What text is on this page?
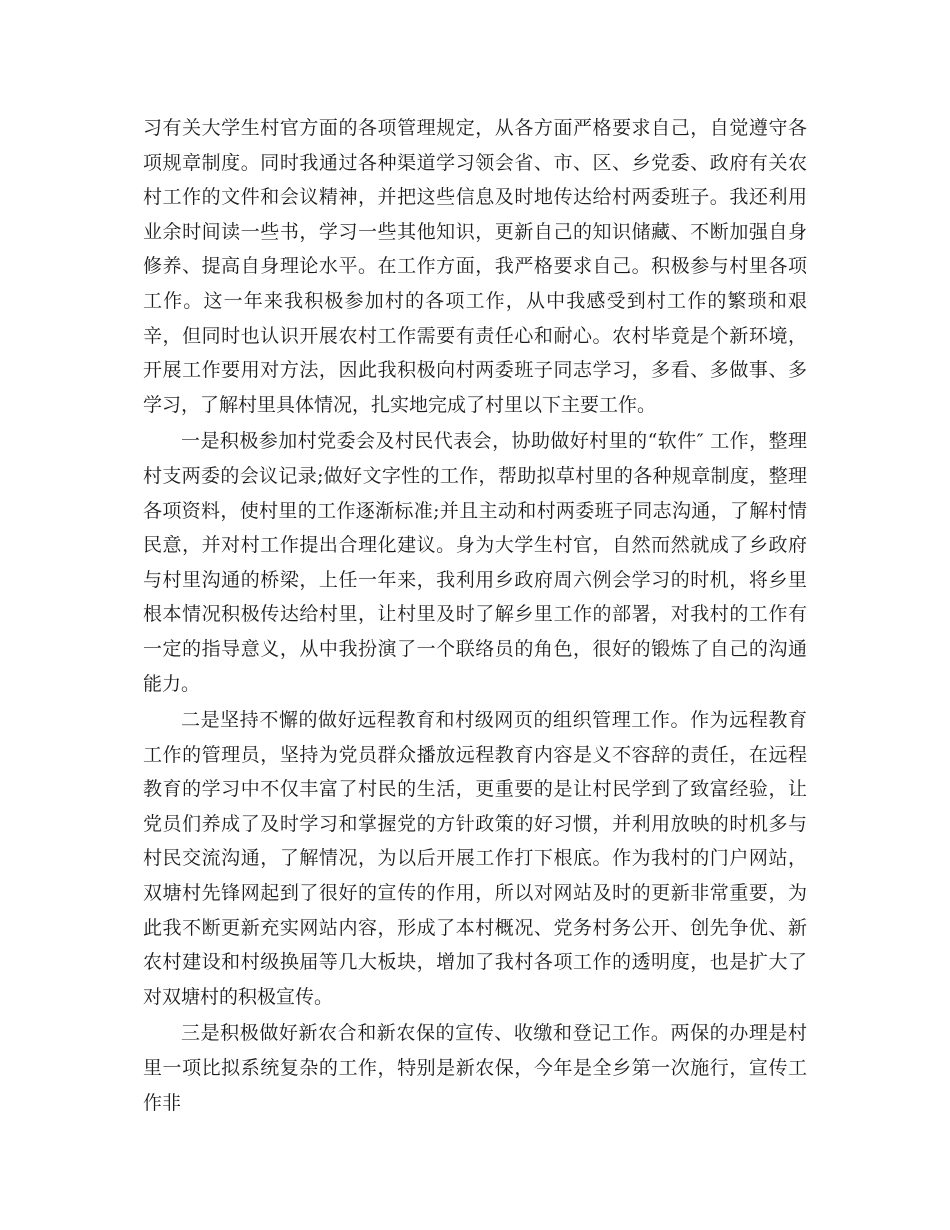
习有关大学生村官方面的各项管理规定，从各方面严格要求自己，自觉遵守各项规章制度。同时我通过各种渠道学习领会省、市、区、乡党委、政府有关农村工作的文件和会议精神，并把这些信息及时地传达给村两委班子。我还利用业余时间读一些书，学习一些其他知识，更新自己的知识储藏、不断加强自身修养、提高自身理论水平。在工作方面，我严格要求自己。积极参与村里各项工作。这一年来我积极参加村的各项工作，从中我感受到村工作的繁琐和艰辛，但同时也认识开展农村工作需要有责任心和耐心。农村毕竟是个新环境，开展工作要用对方法，因此我积极向村两委班子同志学习，多看、多做事、多学习，了解村里具体情况，扎实地完成了村里以下主要工作。

一是积极参加村党委会及村民代表会，协助做好村里的“软件″ 工作，整理村支两委的会议记录;做好文字性的工作，帮助拟草村里的各种规章制度，整理各项资料，使村里的工作逐渐标准;并且主动和村两委班子同志沟通，了解村情民意，并对村工作提出合理化建议。身为大学生村官，自然而然就成了乡政府与村里沟通的桥梁，上任一年来，我利用乡政府周六例会学习的时机，将乡里根本情况积极传达给村里，让村里及时了解乡里工作的部署，对我村的工作有一定的指导意义，从中我扮演了一个联络员的角色，很好的锻炼了自己的沟通能力。

二是坚持不懈的做好远程教育和村级网页的组织管理工作。作为远程教育工作的管理员，坚持为党员群众播放远程教育内容是义不容辞的责任，在远程教育的学习中不仅丰富了村民的生活，更重要的是让村民学到了致富经验，让党员们养成了及时学习和掌握党的方针政策的好习惯，并利用放映的时机多与村民交流沟通，了解情况，为以后开展工作打下根底。作为我村的门户网站，双塘村先锋网起到了很好的宣传的作用，所以对网站及时的更新非常重要，为此我不断更新充实网站内容，形成了本村概况、党务村务公开、创先争优、新农村建设和村级换届等几大板块，增加了我村各项工作的透明度，也是扩大了对双塘村的积极宣传。

三是积极做好新农合和新农保的宣传、收缴和登记工作。两保的办理是村里一项比拟系统复杂的工作，特别是新农保，今年是全乡第一次施行，宣传工作非
